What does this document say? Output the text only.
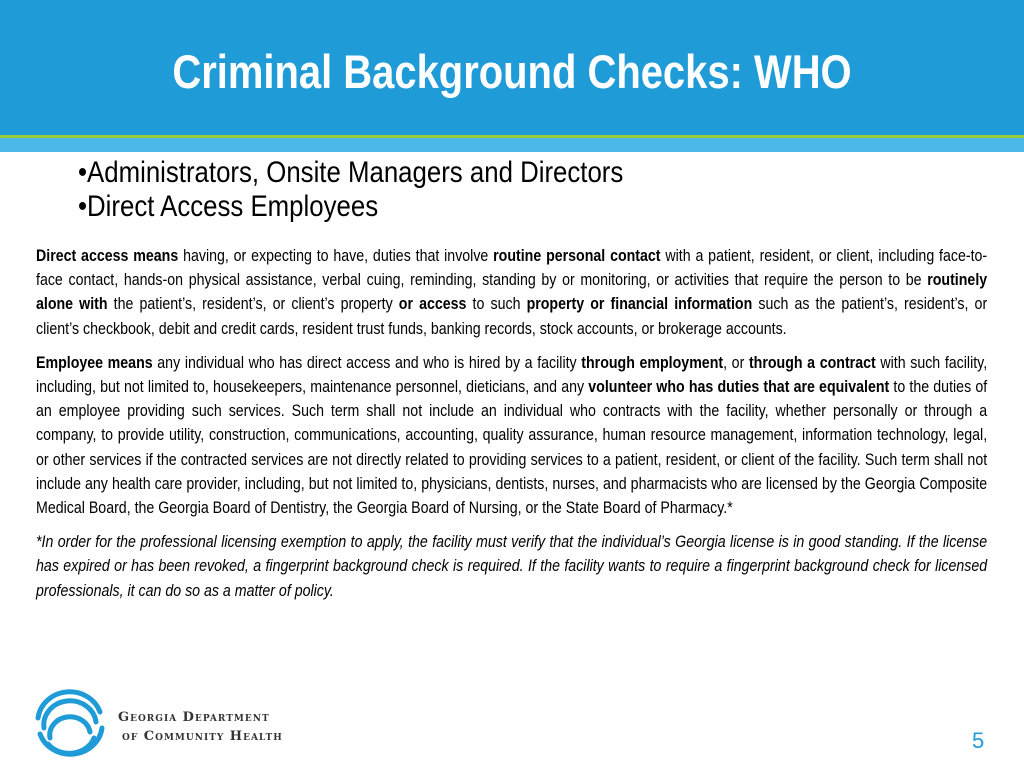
Criminal Background Checks: WHO
•Administrators, Onsite Managers and Directors
•Direct Access Employees

Direct access means having, or expecting to have, duties that involve routine personal contact with a patient, resident, or client, including face-to-face contact, hands-on physical assistance, verbal cuing, reminding, standing by or monitoring, or activities that require the person to be routinely alone with the patient’s, resident’s, or client’s property or access to such property or financial information such as the patient’s, resident’s, or client’s checkbook, debit and credit cards, resident trust funds, banking records, stock accounts, or brokerage accounts.

Employee means any individual who has direct access and who is hired by a facility through employment, or through a contract with such facility, including, but not limited to, housekeepers, maintenance personnel, dieticians, and any volunteer who has duties that are equivalent to the duties of an employee providing such services. Such term shall not include an individual who contracts with the facility, whether personally or through a company, to provide utility, construction, communications, accounting, quality assurance, human resource management, information technology, legal, or other services if the contracted services are not directly related to providing services to a patient, resident, or client of the facility. Such term shall not include any health care provider, including, but not limited to, physicians, dentists, nurses, and pharmacists who are licensed by the Georgia Composite Medical Board, the Georgia Board of Dentistry, the Georgia Board of Nursing, or the State Board of Pharmacy.*

*In order for the professional licensing exemption to apply, the facility must verify that the individual’s Georgia license is in good standing. If the license has expired or has been revoked, a fingerprint background check is required. If the facility wants to require a fingerprint background check for licensed professionals, it can do so as a matter of policy.

Georgia Department
of Community Health	5
